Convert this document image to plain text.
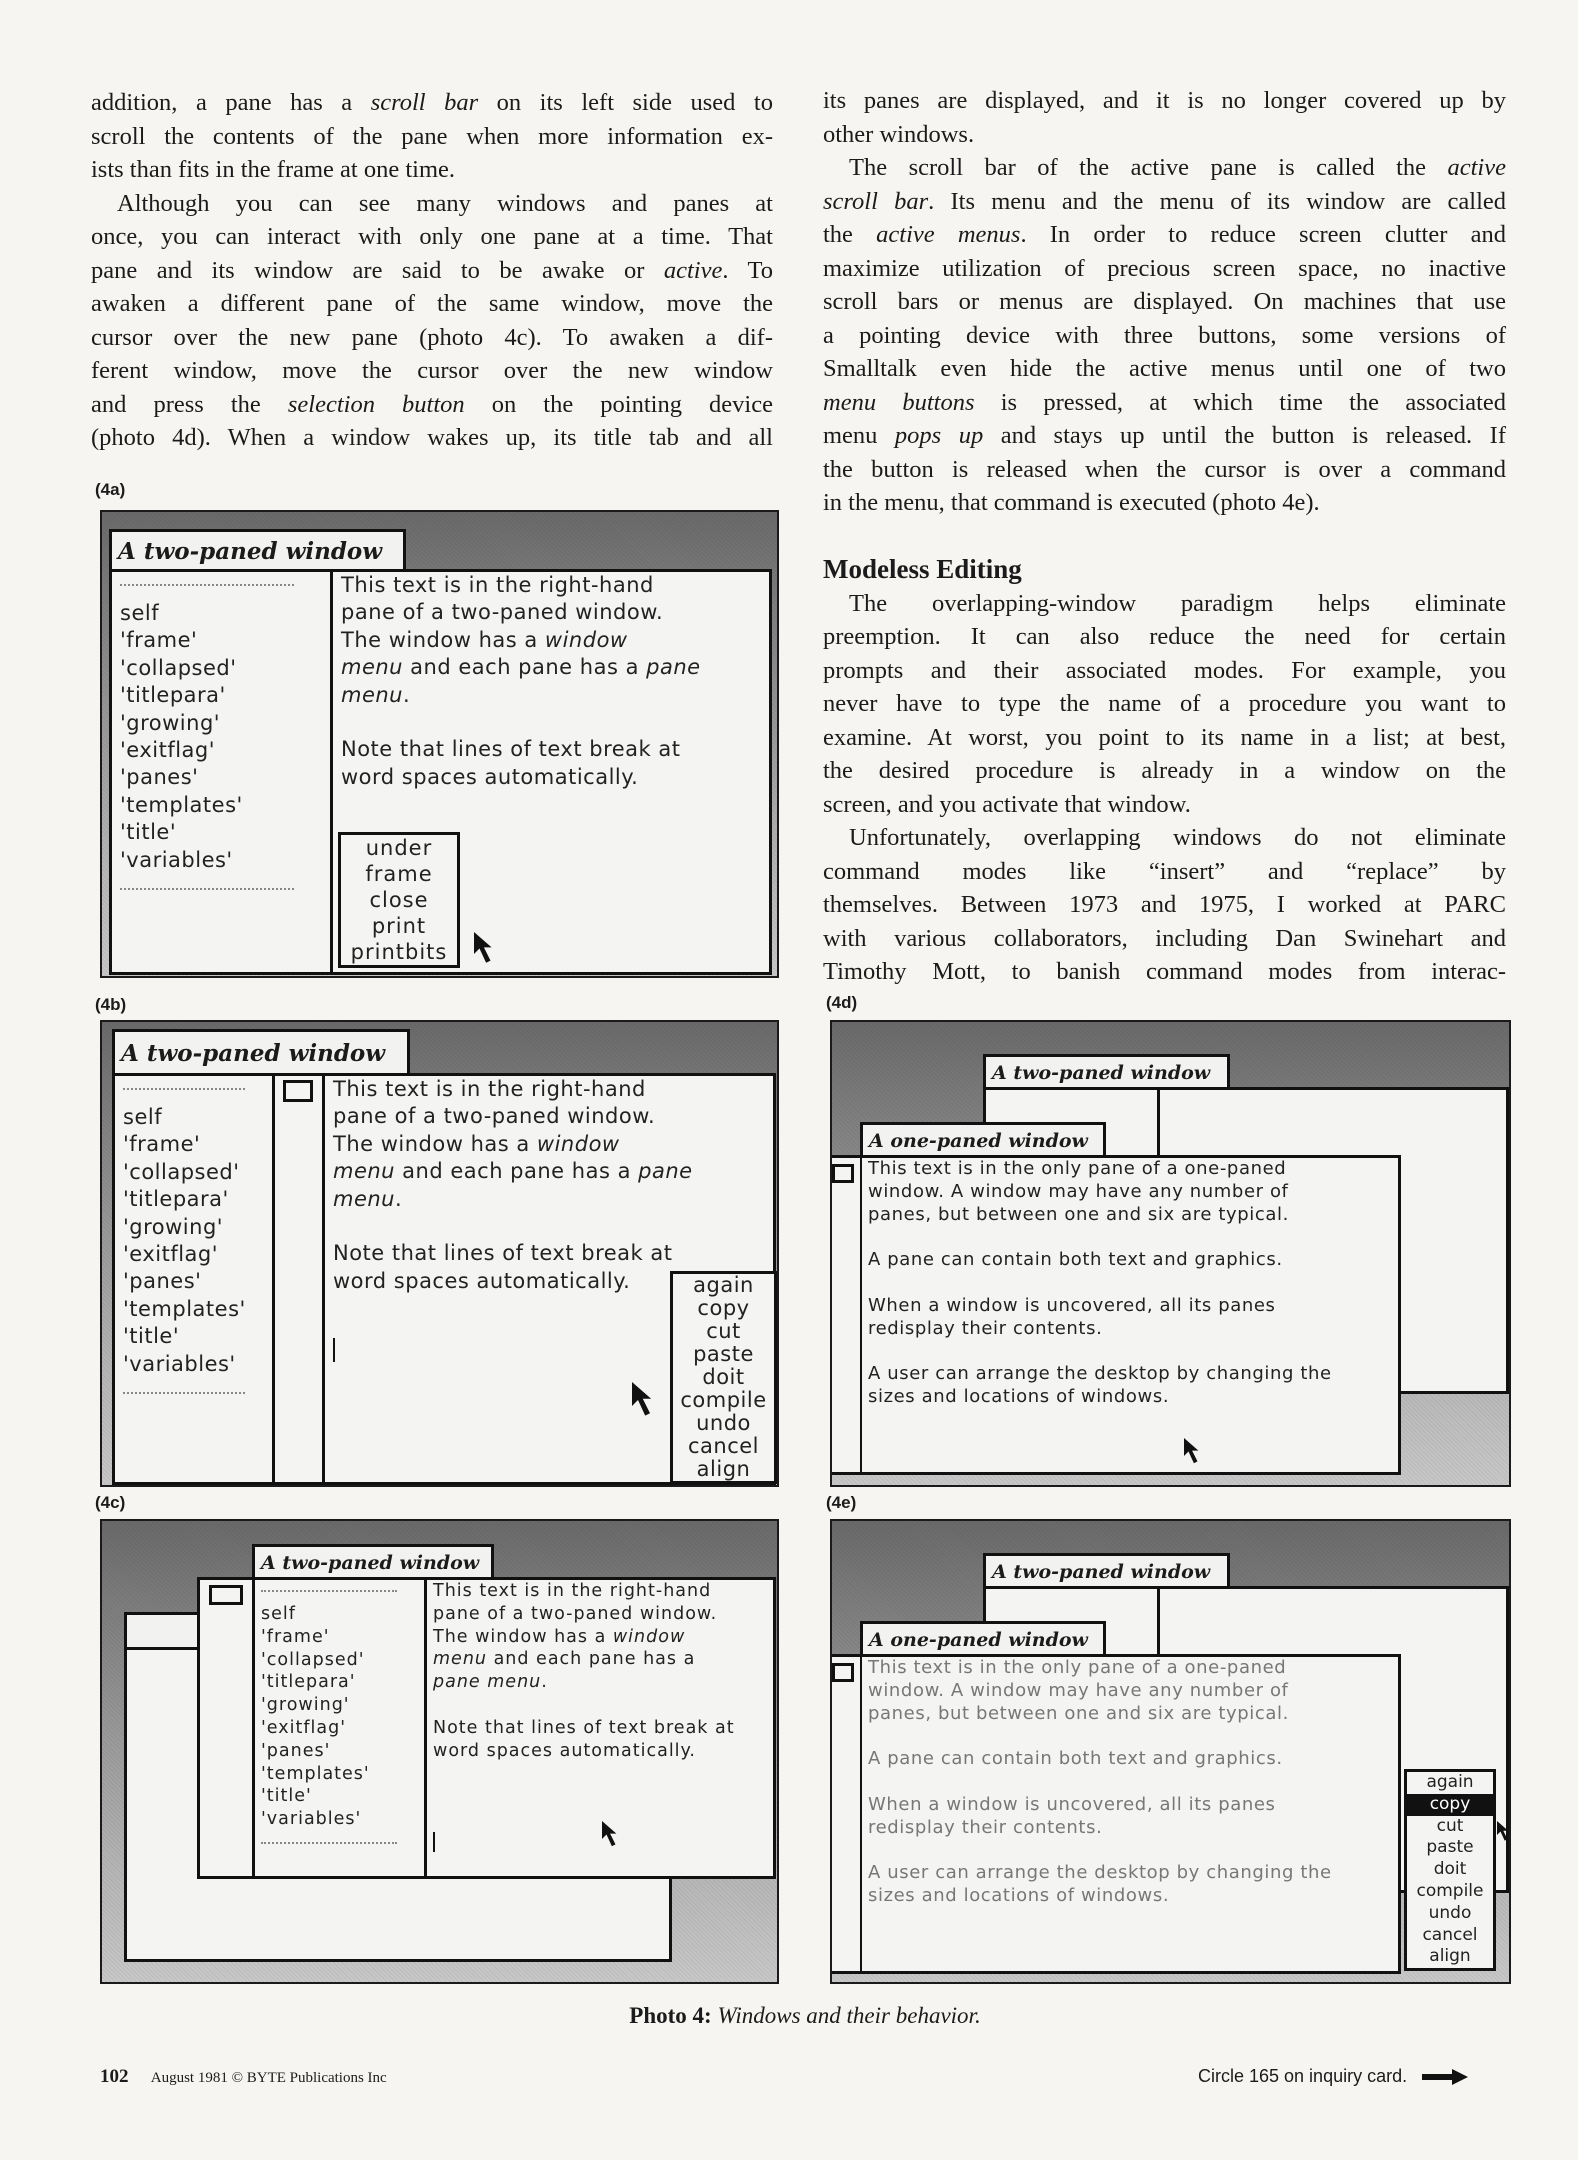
addition, a pane has a scroll bar on its left side used to
scroll the contents of the pane when more information ex-
ists than fits in the frame at one time.
Although you can see many windows and panes at
once, you can interact with only one pane at a time. That
pane and its window are said to be awake or active. To
awaken a different pane of the same window, move the
cursor over the new pane (photo 4c). To awaken a dif-
ferent window, move the cursor over the new window
and press the selection button on the pointing device
(photo 4d). When a window wakes up, its title tab and all
its panes are displayed, and it is no longer covered up by
other windows.
The scroll bar of the active pane is called the active
scroll bar. Its menu and the menu of its window are called
the active menus. In order to reduce screen clutter and
maximize utilization of precious screen space, no inactive
scroll bars or menus are displayed. On machines that use
a pointing device with three buttons, some versions of
Smalltalk even hide the active menus until one of two
menu buttons is pressed, at which time the associated
menu pops up and stays up until the button is released. If
the button is released when the cursor is over a command
in the menu, that command is executed (photo 4e).
Modeless Editing
The overlapping-window paradigm helps eliminate
preemption. It can also reduce the need for certain
prompts and their associated modes. For example, you
never have to type the name of a procedure you want to
examine. At worst, you point to its name in a list; at best,
the desired procedure is already in a window on the
screen, and you activate that window.
Unfortunately, overlapping windows do not eliminate
command modes like “insert” and “replace” by
themselves. Between 1973 and 1975, I worked at PARC
with various collaborators, including Dan Swinehart and
Timothy Mott, to banish command modes from interac-
(4a)
A two-paned window
self
'frame'
'collapsed'
'titlepara'
'growing'
'exitflag'
'panes'
'templates'
'title'
'variables'
This text is in the right-hand
pane of a two-paned window.
The window has a window
menu and each pane has a pane
menu.
Note that lines of text break at
word spaces automatically.
under
frame
close
print
printbits
(4b)
A two-paned window
self
'frame'
'collapsed'
'titlepara'
'growing'
'exitflag'
'panes'
'templates'
'title'
'variables'
This text is in the right-hand
pane of a two-paned window.
The window has a window
menu and each pane has a pane
menu.
Note that lines of text break at
word spaces automatically.	again
copy
cut
paste
doit
compile
undo
cancel
align
(4c)
A two-paned window
self
'frame'
'collapsed'
'titlepara'
'growing'
'exitflag'
'panes'
'templates'
'title'
'variables'
This text is in the right-hand
pane of a two-paned window.
The window has a window
menu and each pane has a
pane menu.
Note that lines of text break at
word spaces automatically.
(4d)
A two-paned window
A one-paned window
This text is in the only pane of a one-paned
window. A window may have any number of
panes, but between one and six are typical.
A pane can contain both text and graphics.
When a window is uncovered, all its panes
redisplay their contents.
A user can arrange the desktop by changing the
sizes and locations of windows.
(4e)
A two-paned window
A one-paned window
This text is in the only pane of a one-paned
window. A window may have any number of
panes, but between one and six are typical.
A pane can contain both text and graphics.
When a window is uncovered, all its panes
redisplay their contents.
A user can arrange the desktop by changing the
sizes and locations of windows.
again
copy
cut
paste
doit
compile
undo
cancel
align
Photo 4: Windows and their behavior.
102 August 1981 © BYTE Publications Inc	Circle 165 on inquiry card.
